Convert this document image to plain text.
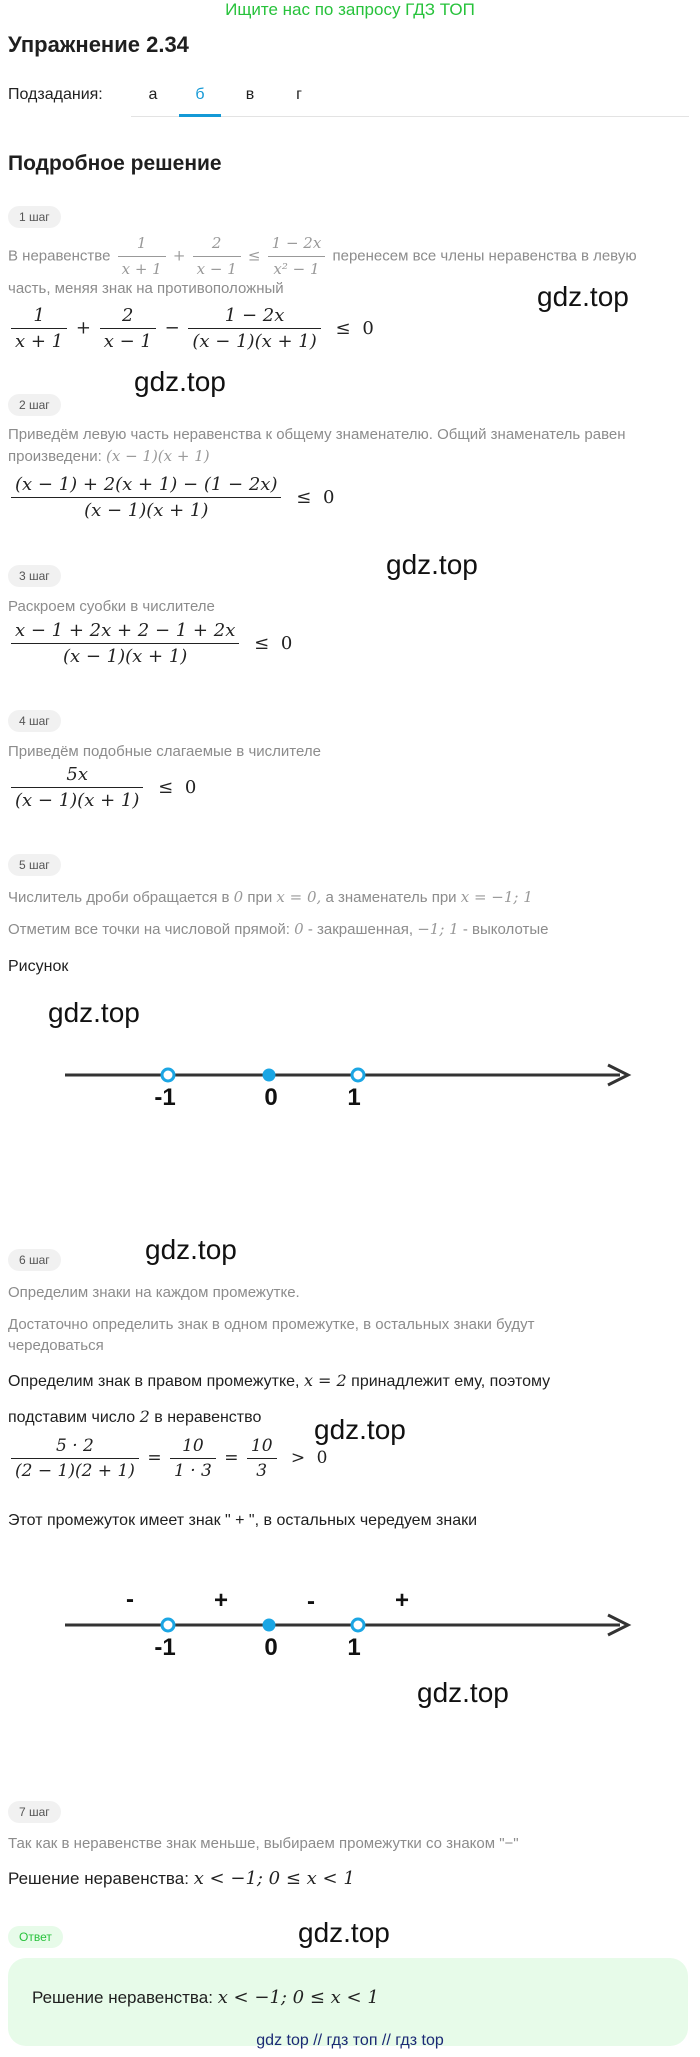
Ищите нас по запросу ГДЗ ТОП
Упражнение 2.34
Подзадания:	а	б	в	г
Подробное решение
1 шаг
В неравенстве $\frac{1}{x + 1} + \frac{2}{x - 1} \le \frac{1 - 2x}{\text{x² − 1}}$ перенесем все члены неравенства в левую
часть, меняя знак на противоположный
$\frac{1}{x + 1} + \frac{2}{x - 1} - \frac{1 - 2x}{(x - 1)(x + 1)} \le 0$
gdz.top
gdz.top
2 шаг
Приведём левую часть неравенства к общему знаменателю. Общий знаменатель равен
произведени: (x − 1)(x + 1)
$\frac{(x - 1) + 2(x + 1) - (1 - 2x)}{(x - 1)(x + 1)} \le 0$
gdz.top
3 шаг
Раскроем суобки в числителе
$\frac{x - 1 + 2x + 2 - 1 + 2x}{(x - 1)(x + 1)} \le 0$
4 шаг
Приведём подобные слагаемые в числителе
$\frac{5x}{(x - 1)(x + 1)} \le 0$
5 шаг
Числитель дроби обращается в 0 при x = 0, а знаменатель при x = −1; 1
Отметим все точки на числовой прямой: 0 - закрашенная, −1; 1 - выколотые
Рисунок
gdz.top
-1	0	1
6 шаг	gdz.top
Определим знаки на каждом промежутке.
Достаточно определить знак в одном промежутке, в остальных знаки будут
чередоваться
Определим знак в правом промежутке, x = 2 принадлежит ему, поэтому
подставим число 2 в неравенство gdz.top
$\frac{5 \cdot 2}{(2 - 1)(2 + 1)} = \frac{10}{1 \cdot 3} = \frac{10}{3} > 0$
Этот промежуток имеет знак " + ", в остальных чередуем знаки
-	+	-	+
-1	0	1
gdz.top
7 шаг
Так как в неравенстве знак меньше, выбираем промежутки со знаком "−"
Решение неравенства: x < −1; 0 ≤ x < 1
Ответ	gdz.top
Решение неравенства: x < −1; 0 ≤ x < 1
gdz top // гдз топ // гдз top
